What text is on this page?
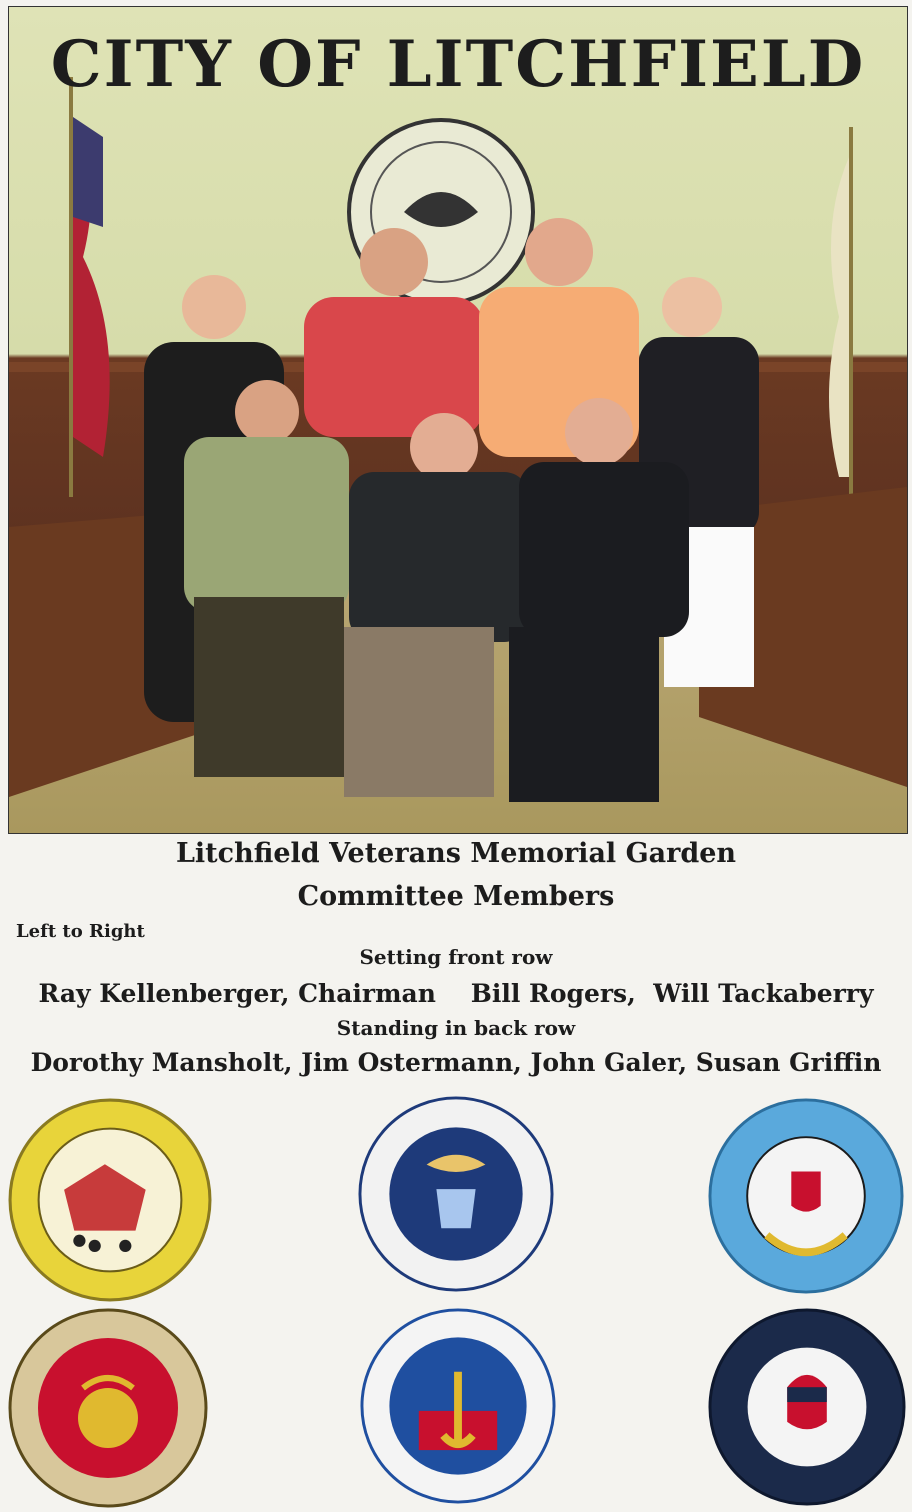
CITY OF LITCHFIELD
Litchfield Veterans Memorial Garden
Committee Members
Left to Right
Setting front row
Ray Kellenberger, Chairman    Bill Rogers,  Will Tackaberry
Standing in back row
Dorothy Mansholt, Jim Ostermann, John Galer, Susan Griffin
